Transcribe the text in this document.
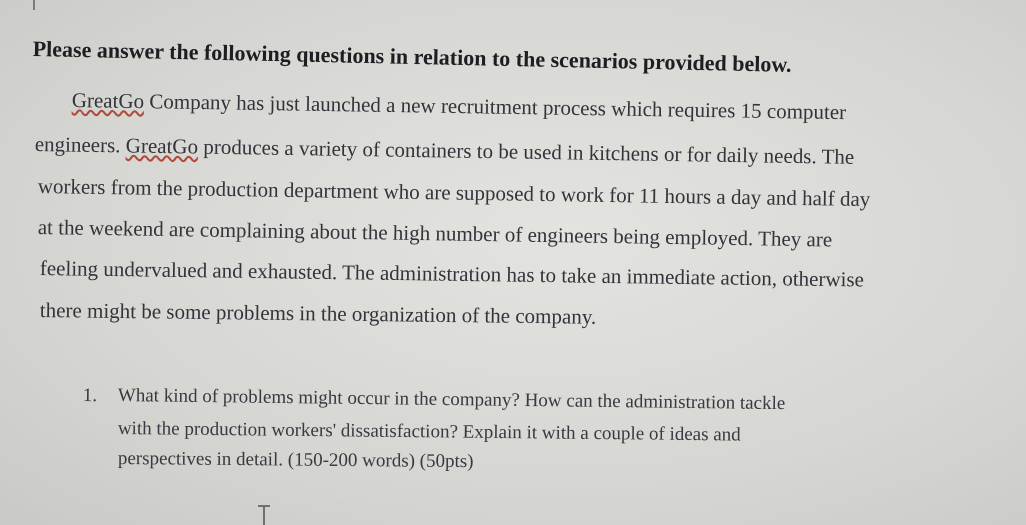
Please answer the following questions in relation to the scenarios provided below.
GreatGo Company has just launched a new recruitment process which requires 15 computer
engineers. GreatGo produces a variety of containers to be used in kitchens or for daily needs. The
workers from the production department who are supposed to work for 11 hours a day and half day
at the weekend are complaining about the high number of engineers being employed. They are
feeling undervalued and exhausted. The administration has to take an immediate action, otherwise
there might be some problems in the organization of the company.
1. What kind of problems might occur in the company? How can the administration tackle
with the production workers' dissatisfaction? Explain it with a couple of ideas and
perspectives in detail. (150-200 words) (50pts)
